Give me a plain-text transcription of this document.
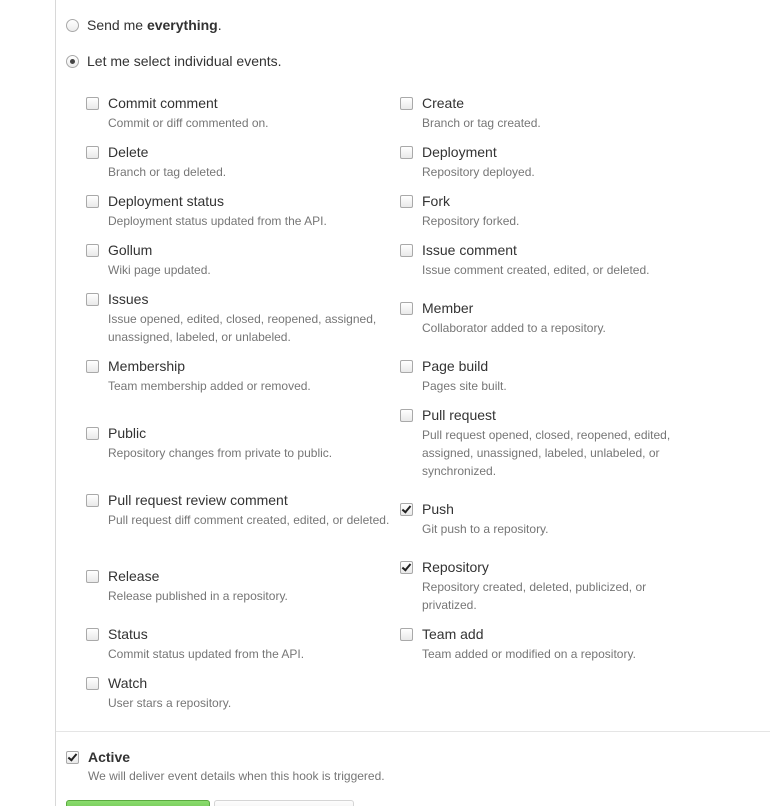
Send me everything.
Let me select individual events.
Commit comment
Commit or diff commented on.
Delete
Branch or tag deleted.
Deployment status
Deployment status updated from the API.
Gollum
Wiki page updated.
Issues
Issue opened, edited, closed, reopened, assigned, unassigned, labeled, or unlabeled.
Membership
Team membership added or removed.
Public
Repository changes from private to public.
Pull request review comment
Pull request diff comment created, edited, or deleted.
Release
Release published in a repository.
Status
Commit status updated from the API.
Watch
User stars a repository.
Create
Branch or tag created.
Deployment
Repository deployed.
Fork
Repository forked.
Issue comment
Issue comment created, edited, or deleted.
Member
Collaborator added to a repository.
Page build
Pages site built.
Pull request
Pull request opened, closed, reopened, edited, assigned, unassigned, labeled, unlabeled, or synchronized.
Push
Git push to a repository.
Repository
Repository created, deleted, publicized, or privatized.
Team add
Team added or modified on a repository.
Active
We will deliver event details when this hook is triggered.
